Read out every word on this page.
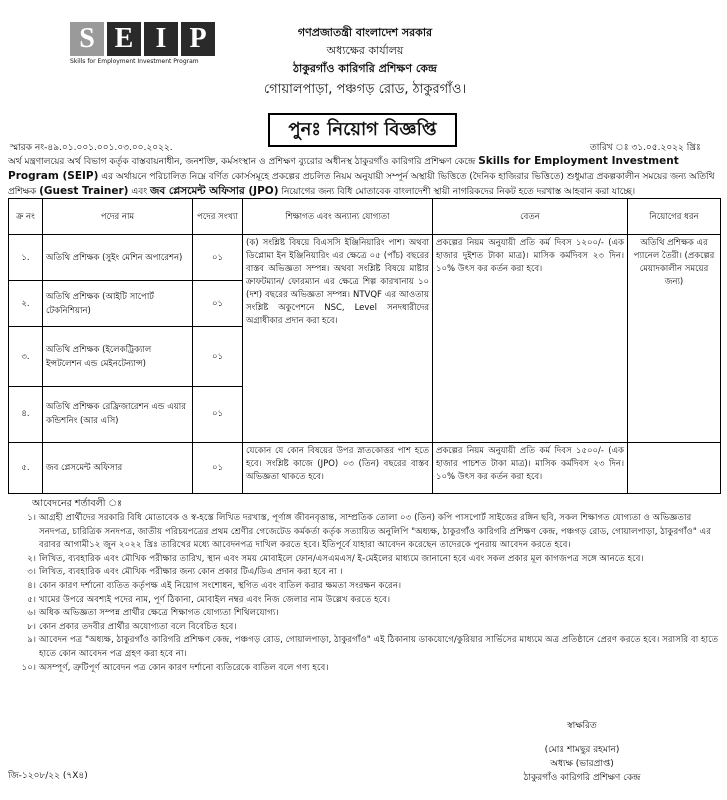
S E I P
Skills for Employment Investment Program
গণপ্রজাতন্ত্রী বাংলাদেশ সরকার
অধ্যক্ষের কার্যালয়
ঠাকুরগাঁও কারিগরি প্রশিক্ষণ কেন্দ্র
গোয়ালপাড়া, পঞ্চগড় রোড, ঠাকুরগাঁও।
পুনঃ নিয়োগ বিজ্ঞপ্তি
স্মারক নং-৪৯.০১.০০১.০০১.০৩.০০.২০২২.	তারিখ ঃ ৩১.০৫.২০২২ খ্রিঃ
অর্থ মন্ত্রণালয়ের অর্থ বিভাগ কর্তৃক বাস্তবায়নাধীন, জনশক্তি, কর্মসংস্থান ও প্রশিক্ষণ ব্যুরোর অধীনস্থ ঠাকুরগাঁও কারিগরি প্রশিক্ষণ কেন্দ্রে Skills for Employment Investment Program (SEIP) এর অর্থায়নে পরিচালিত নিম্নে বর্ণিত কোর্সসমূহে প্রকল্পের প্রচলিত নিয়ম অনুযায়ী সম্পূর্ন অস্থায়ী ভিত্তিতে (দৈনিক হাজিরার ভিত্তিতে) শুধুমাত্র প্রকল্পকালীন সময়ের জন্য অতিথি প্রশিক্ষক (Guest Trainer) এবং জব প্লেসমেন্ট অফিসার (JPO) নিয়োগের জন্য বিধি মোতাবেক বাংলাদেশী স্থায়ী নাগরিকদের নিকট হতে দরখাস্ত আহবান করা যাচ্ছে।
ক্র নং	পদের নাম	পদের সংখ্যা	শিক্ষাগত এবং অন্যান্য যোগ্যতা	বেতন	নিয়োগের ধরন
১.	অতিথি প্রশিক্ষক (সুইং মেশিন অপারেশন)	০১	(ক) সংশ্লিষ্ট বিষয়ে বিএসসি ইঞ্জিনিয়ারিং পাশ। অথবা ডিপ্লোমা ইন ইঞ্জিনিয়ারিং এর ক্ষেত্রে ০৫ (পাঁচ) বছরের বাস্তব অভিজ্ঞতা সম্পন্ন। অথবা সংশ্লিষ্ট বিষয়ে মাষ্টার ক্রাফটম্যান/ ফোরম্যান এর ক্ষেত্রে শিল্প কারখানায় ১০ (দশ) বছরের অভিজ্ঞতা সম্পন্ন। NTVQF এর আওতায় সংশ্লিষ্ট অকুপেশনে NSC, Level সনদধারীদের অগ্রাধীকার প্রদান করা হবে।	প্রকল্পের নিয়ম অনুযায়ী প্রতি কর্ম দিবস ১২০০/- (এক হাজার দুইশত টাকা মাত্র)। মাসিক কর্মদিবস ২৩ দিন। ১০% উৎস কর কর্তন করা হবে।	অতিথি প্রশিক্ষক এর প্যানেল তৈরী। (প্রকল্পের মেয়াদকালীন সময়ের জন্য)
২.	অতিথি প্রশিক্ষক (আইটি সাপোর্ট টেকনিশিয়ান)	০১			
৩.	অতিথি প্রশিক্ষক (ইলেকট্রিক্যাল ইন্সটলেশন এন্ড মেইনটেন্যান্স)	০১			
৪.	অতিথি প্রশিক্ষক রেফ্রিজারেশন এন্ড এয়ার কন্ডিশনিং (আর এসি)	০১			
৫.	জব প্লেসমেন্ট অফিসার	০১	যেকোন যে কোন বিষয়ের উপর স্নাতকোত্তর পাশ হতে হবে। সংশ্লিষ্ট কাজে (JPO) ০৩ (তিন) বছরের বাস্তব অভিজ্ঞতা থাকতে হবে।	প্রকল্পের নিয়ম অনুযায়ী প্রতি কর্ম দিবস ১৫০০/- (এক হাজার পাচশত টাকা মাত্র)। মাসিক কর্মদিবস ২৩ দিন। ১০% উৎস কর কর্তন করা হবে।	
আবেদনের শর্তাবলী ঃ
১। আগ্রহী প্রার্থীদের সরকারি বিধি মোতাবেক ও স্ব-হস্তে লিখিত দরখাস্ত, পূর্ণাঙ্গ জীবনবৃত্তান্ত, সাম্প্রতিক তোলা ০৩ (তিন) কপি পাসপোর্ট সাইজের রঙ্গিন ছবি, সকল শিক্ষাগত যোগ্যতা ও অভিজ্ঞতার সনদপত্র, চারিত্রিক সনদপত্র, জাতীয় পরিচয়পত্রের প্রথম শ্রেণীর গেজেটেড কর্মকর্তা কর্তৃক সত্যায়িত অনুলিপি "অধ্যক্ষ, ঠাকুরগাঁও কারিগরি প্রশিক্ষণ কেন্দ্র, পঞ্চগড় রোড, গোয়ালপাড়া, ঠাকুরগাঁও" এর বরাবর আগামী১২ জুন ২০২২ খ্রিঃ তারিখের মধ্যে আবেদনপত্র দাখিল করতে হবে। ইতিপূর্বে যাহারা আবেদন করেছেন তাদেরকে পুনরায় আবেদন করতে হবে।
২। লিখিত, ব্যবহারিক এবং মৌখিক পরীক্ষার তারিখ, স্থান এবং সময় মোবাইলে ফোন/এসএমএস/ ই-মেইলের মাধ্যমে জানানো হবে এবং সকল প্রকার মূল কাগজপত্র সঙ্গে আনতে হবে।
৩। লিখিত, ব্যবহারিক এবং মৌখিক পরীক্ষার জন্য কোন প্রকার টিএ/ডিএ প্রদান করা হবে না ।
৪। কোন কারণ দর্শানো ব্যতিত কর্তৃপক্ষ এই নিয়োগ সংশোধন, স্থগিত এবং বাতিল করার ক্ষমতা সংরক্ষন করেন।
৫। খামের উপরে অবশ্যই পদের নাম, পূর্ণ ঠিকানা, মোবাইল নম্বর এবং নিজ জেলার নাম উল্লেখ করতে হবে।
৬। অধিক অভিজ্ঞতা সম্পন্ন প্রার্থীর ক্ষেত্রে শিক্ষাগত যোগ্যতা শিথিলযোগ্য।
৮। কোন প্রকার তদবীর প্রার্থীর অযোগ্যতা বলে বিবেচিত হবে।
৯। আবেদন পত্র "অধ্যক্ষ, ঠাকুরগাঁও কারিগরি প্রশিক্ষণ কেন্দ্র, পঞ্চগড় রোড, গোয়ালপাড়া, ঠাকুরগাঁও" এই ঠিকানায় ডাকযোগে/কুরিয়ার সার্ভিসের মাধ্যমে অত্র প্রতিষ্ঠানে প্রেরণ করতে হবে। সরাসরি বা হাতে হাতে কোন আবেদন পত্র গ্রহণ করা হবে না।
১০। অসম্পূর্ণ, ত্রুটিপূর্ণ আবেদন পত্র কোন কারণ দর্শানো ব্যতিরেকে বাতিল বলে গণ্য হবে।
স্বাক্ষরিত
(মোঃ শামছুর রহমান)
অধ্যক্ষ (ভারপ্রাপ্ত)
ঠাকুরগাঁও কারিগরি প্রশিক্ষণ কেন্দ্র
জি-১২০৮/২২ (৭X৪)
